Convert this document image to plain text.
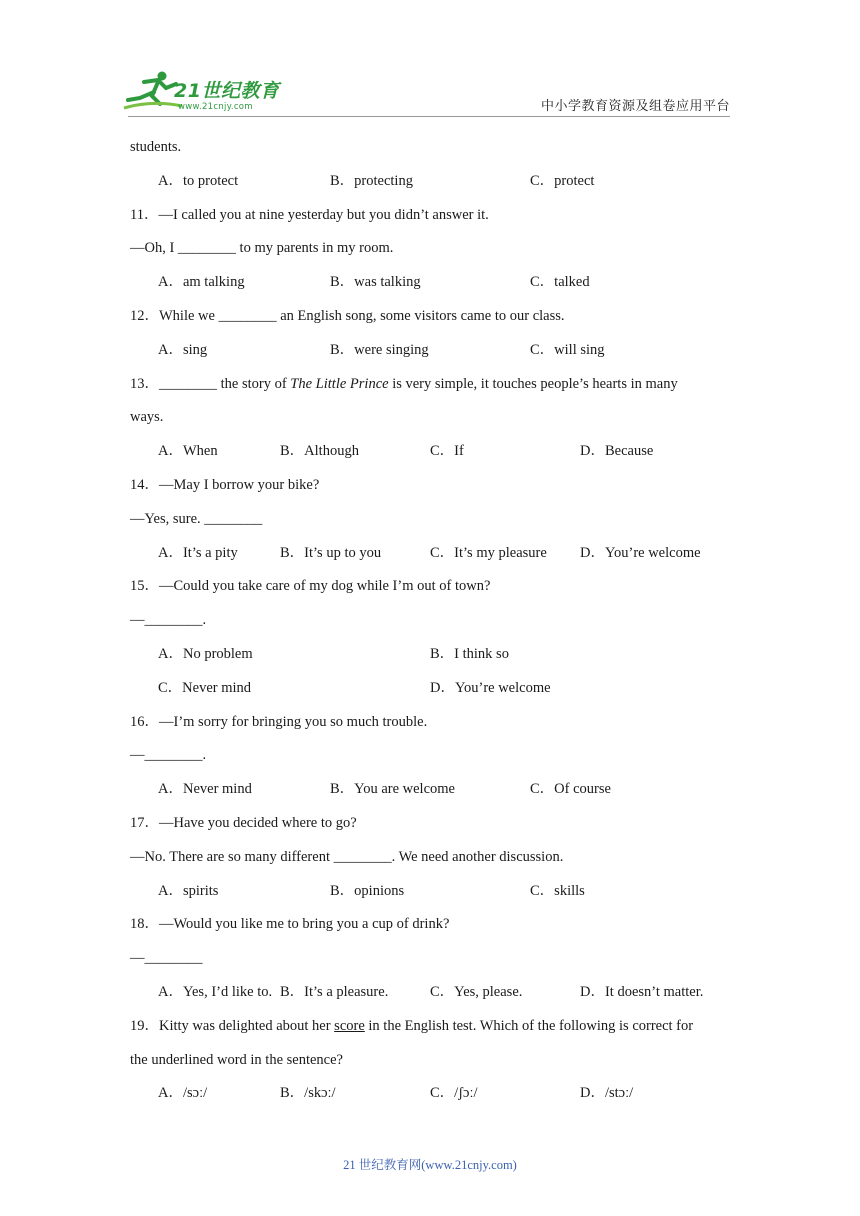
21世纪教育
www.21cnjy.com	中小学教育资源及组卷应用平台
students.
A．to protect	B．protecting	C．protect
11．—I called you at nine yesterday but you didn’t answer it.
—Oh, I ________ to my parents in my room.
A．am talking	B．was talking	C．talked
12．While we ________ an English song, some visitors came to our class.
A．sing	B．were singing	C．will sing
13．________ the story of The Little Prince is very simple, it touches people’s hearts in many
ways.
A．When	B．Although	C．If	D．Because
14．—May I borrow your bike?
—Yes, sure. ________
A．It’s a pity	B．It’s up to you	C．It’s my pleasure D．You’re welcome
15．—Could you take care of my dog while I’m out of town?
—________.
A．No problem	B．I think so
C．Never mind	D．You’re welcome
16．—I’m sorry for bringing you so much trouble.
—________.
A．Never mind	B．You are welcome	C．Of course
17．—Have you decided where to go?
—No. There are so many different ________. We need another discussion.
A．spirits	B．opinions	C．skills
18．—Would you like me to bring you a cup of drink?
—________
A．Yes, I’d like to. B．It’s a pleasure.	C．Yes, please.	D．It doesn’t matter.
19．Kitty was delighted about her score in the English test. Which of the following is correct for
the underlined word in the sentence?
A．/sɔː/	B．/skɔː/	C．/ʃɔː/	D．/stɔː/
21 世纪教育网(www.21cnjy.com)
